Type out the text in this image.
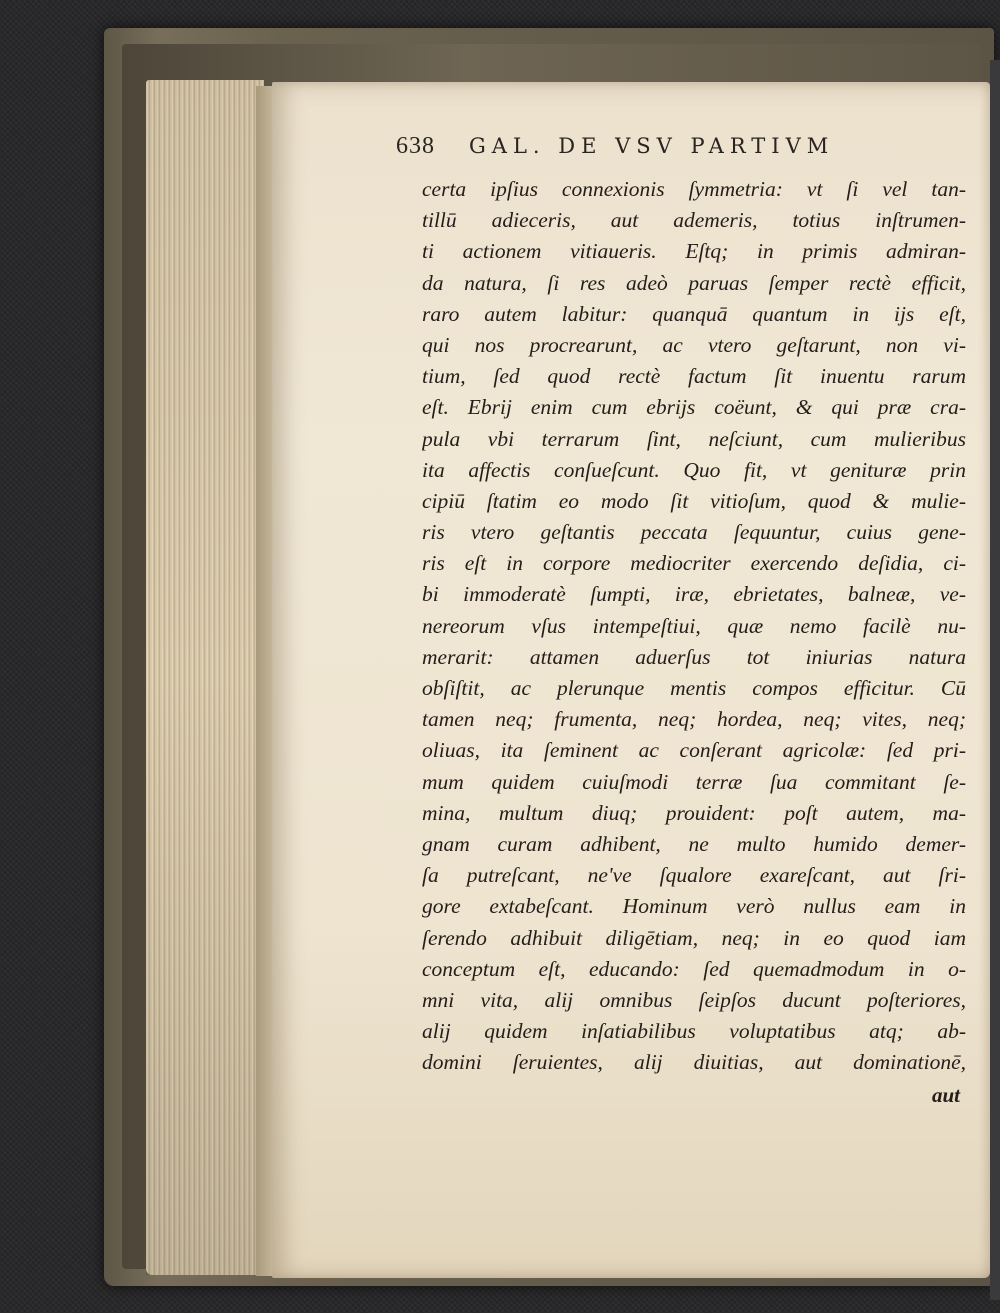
638 GAL. DE VSV PARTIVM
certa ipſius connexionis ſymmetria: vt ſi vel tan-
tillū adieceris, aut ademeris, totius inſtrumen-
ti actionem vitiaueris. Eſtq; in primis admiran-
da natura, ſi res adeò paruas ſemper rectè efficit,
raro autem labitur: quanquā quantum in ijs eſt,
qui nos procrearunt, ac vtero geſtarunt, non vi-
tium, ſed quod rectè factum ſit inuentu rarum
eſt. Ebrij enim cum ebrijs coëunt, & qui præ cra-
pula vbi terrarum ſint, neſciunt, cum mulieribus
ita affectis conſueſcunt. Quo fit, vt genituræ prin
cipiū ſtatim eo modo ſit vitioſum, quod & mulie-
ris vtero geſtantis peccata ſequuntur, cuius gene-
ris eſt in corpore mediocriter exercendo deſidia, ci-
bi immoderatè ſumpti, iræ, ebrietates, balneæ, ve-
nereorum vſus intempeſtiui, quæ nemo facilè nu-
merarit: attamen aduerſus tot iniurias natura
obſiſtit, ac plerunque mentis compos efficitur. Cū
tamen neq; frumenta, neq; hordea, neq; vites, neq;
oliuas, ita ſeminent ac conſerant agricolæ: ſed pri-
mum quidem cuiuſmodi terræ ſua commitant ſe-
mina, multum diuq; prouident: poſt autem, ma-
gnam curam adhibent, ne multo humido demer-
ſa putreſcant, ne've ſqualore exareſcant, aut ſri-
gore extabeſcant. Hominum verò nullus eam in
ſerendo adhibuit diligētiam, neq; in eo quod iam
conceptum eſt, educando: ſed quemadmodum in o-
mni vita, alij omnibus ſeipſos ducunt poſteriores,
alij quidem inſatiabilibus voluptatibus atq; ab-
domini ſeruientes, alij diuitias, aut dominationē,
aut
